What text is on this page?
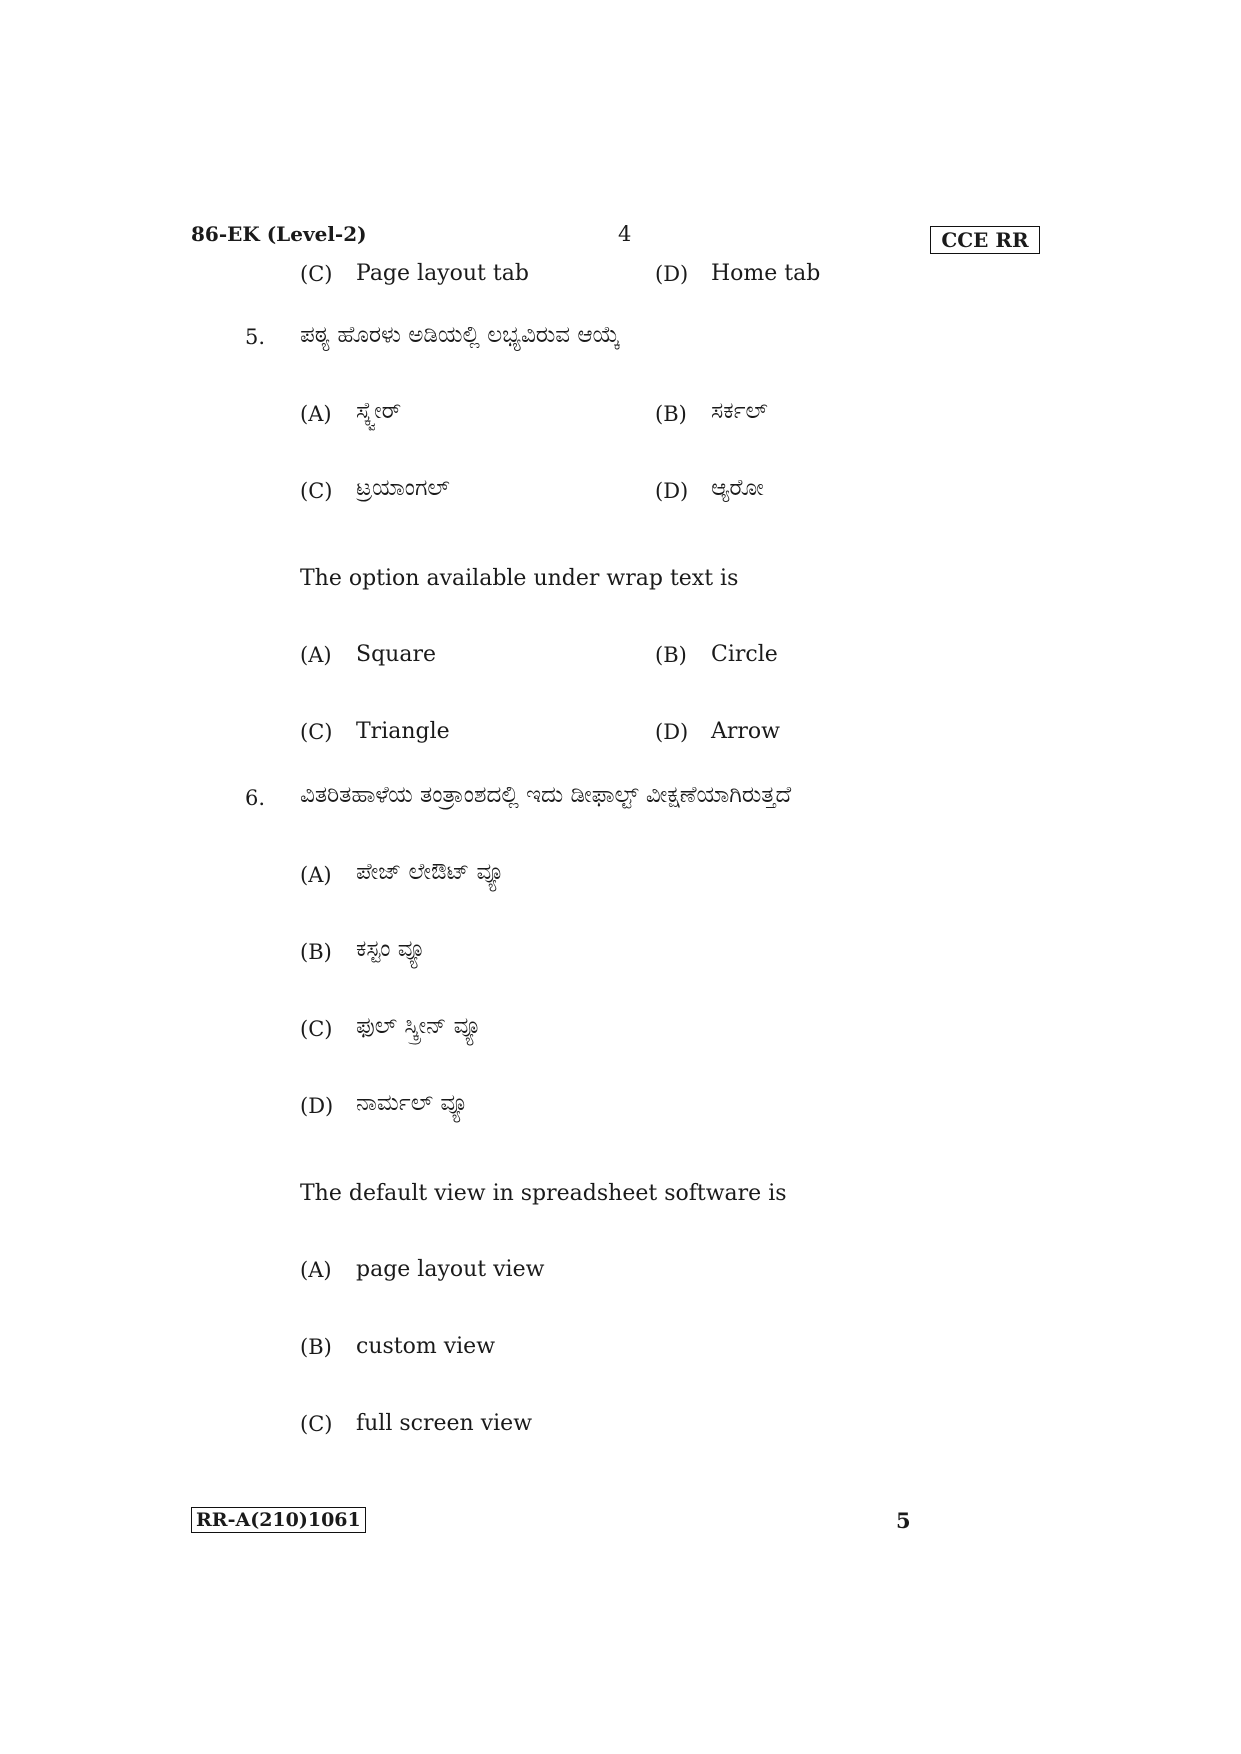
86-EK (Level-2)	4	CCE RR
(C) Page layout tab	(D) Home tab
5. ಪಠ್ಯ ಹೊರಳು ಅಡಿಯಲ್ಲಿ ಲಭ್ಯವಿರುವ ಆಯ್ಕೆ
(A) ಸ್ಕ್ವೇರ್	(B) ಸರ್ಕಲ್
(C) ಟ್ರಯಾಂಗಲ್	(D) ಆ್ಯರೋ
The option available under wrap text is
(A) Square	(B) Circle
(C) Triangle	(D) Arrow
6. ವಿತರಿತಹಾಳೆಯ ತಂತ್ರಾಂಶದಲ್ಲಿ ಇದು ಡೀಫಾಲ್ಟ್ ವೀಕ್ಷಣೆಯಾಗಿರುತ್ತದೆ
(A) ಪೇಜ್ ಲೇಔಟ್ ವ್ಯೂ
(B) ಕಸ್ಟಂ ವ್ಯೂ
(C) ಫುಲ್ ಸ್ಕ್ರೀನ್ ವ್ಯೂ
(D) ನಾರ್ಮಲ್ ವ್ಯೂ
The default view in spreadsheet software is
(A) page layout view
(B) custom view
(C) full screen view
RR-A(210)1061	5
